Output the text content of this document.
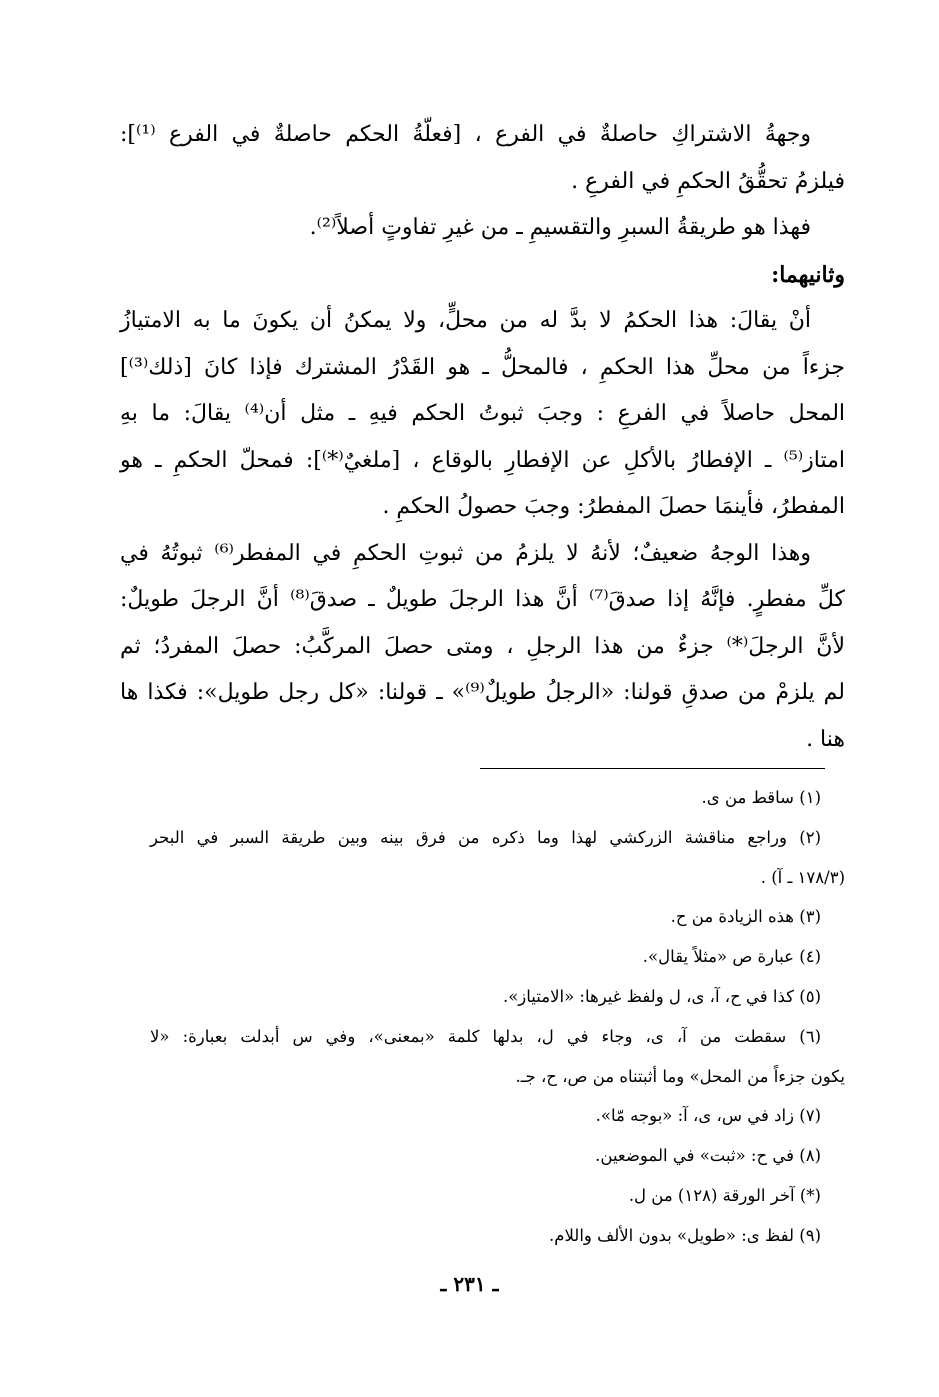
وجهةُ الاشتراكِ حاصلةٌ في الفرع ، [فعلّةُ الحكم حاصلةٌ في الفرع ⁽¹⁾]:
فيلزمُ تحقُّقُ الحكمِ في الفرعِ .
فهذا هو طريقةُ السبرِ والتقسيمِ ـ من غيرِ تفاوتٍ أصلاً⁽²⁾.
وثانيهما:
أنْ يقالَ: هذا الحكمُ لا بدَّ له من محلٍّ، ولا يمكنُ أن يكونَ ما به الامتيازُ
جزءاً من محلِّ هذا الحكمِ ، فالمحلُّ ـ هو القَدْرُ المشترك فإذا كانَ [ذلك⁽³⁾]
المحل حاصلاً في الفرعِ : وجبَ ثبوتُ الحكم فيهِ ـ مثل أن⁽⁴⁾ يقالَ: ما بهِ
امتاز⁽⁵⁾ ـ الإفطارُ بالأكلِ عن الإفطارِ بالوقاع ، [ملغيٌ⁽*⁾]: فمحلّ الحكمِ ـ هو
المفطرُ، فأينمَا حصلَ المفطرُ: وجبَ حصولُ الحكمِ .
وهذا الوجهُ ضعيفٌ؛ لأنهُ لا يلزمُ من ثبوتِ الحكمِ في المفطر⁽⁶⁾ ثبوتُهُ في
كلِّ مفطرٍ. فإنَّهُ إذا صدقَ⁽⁷⁾ أنَّ هذا الرجلَ طويلٌ ـ صدقَ⁽⁸⁾ أنَّ الرجلَ طويلٌ:
لأنَّ الرجلَ⁽*⁾ جزءٌ من هذا الرجلِ ، ومتى حصلَ المركَّبُ: حصلَ المفردُ؛ ثم
لم يلزمْ من صدقِ قولنا: «الرجلُ طويلٌ⁽⁹⁾» ـ قولنا: «كل رجل طويل»: فكذا ها
هنا .
(١) ساقط من ى.
(٢) وراجع مناقشة الزركشي لهذا وما ذكره من فرق بينه وبين طريقة السبر في البحر
(١٧٨/٣ ـ آ) .
(٣) هذه الزيادة من ح.
(٤) عبارة ص «مثلاً يقال».
(٥) كذا في ح، آ، ى، ل ولفظ غيرها: «الامتياز».
(٦) سقطت من آ، ى، وجاء في ل، بدلها كلمة «بمعنى»، وفي س أبدلت بعبارة: «لا
يكون جزءاً من المحل» وما أثبتناه من ص، ح، جـ.
(٧) زاد في س، ى، آ: «بوجه مّا».
(٨) في ح: «ثبت» في الموضعين.
(*) آخر الورقة (١٢٨) من ل.
(٩) لفظ ى: «طويل» بدون الألف واللام.
ـ ٢٣١ ـ
